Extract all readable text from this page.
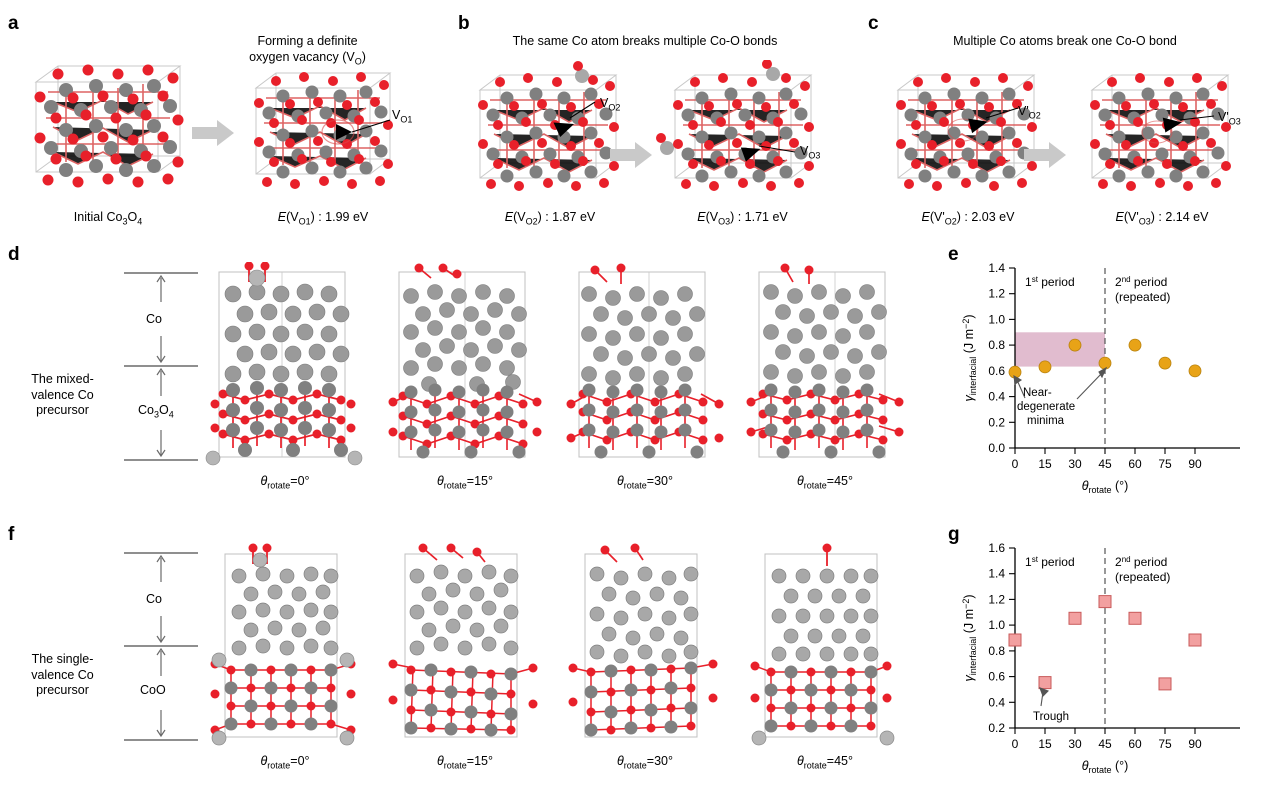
a	b	c
d	e
f	g
Forming a definite
oxygen vacancy $(V_O)$
$V_{O1}$
Initial $Co_3O_4$	$E(V_{O1})$ : 1.99 eV
The same Co atom breaks multiple Co-O bonds
$V_{O2}$
$V_{O3}$
$E(V_{O2})$ : 1.87 eV	$E(V_{O3})$ : 1.71 eV
Multiple Co atoms break one Co-O bond
$V'_{O2}$	$V'_{O3}$
$E(V'_{O2})$ : 2.03 eV	$E(V'_{O3})$ : 2.14 eV
The mixed-
valence Co
precursor
Co
$Co_3O_4$
$\theta_{rotate}=0^\circ$	$\theta_{rotate}=15^\circ$	$\theta_{rotate}=30^\circ$	$\theta_{rotate}=45^\circ$
0.0
0.2
0.4
0.6
0.8
1.0
1.2
1.4
0 15 30 45 60 75 90
1st period	2nd period
(repeated)
Near-
degenerate
minima
$\theta_{rotate}$ (°)
$\gamma_{interfacial}$ (J $m^{-2}$)
The single-
valence Co
precursor
Co
CoO
$\theta_{rotate}=0^\circ$	$\theta_{rotate}=15^\circ$	$\theta_{rotate}=30^\circ$	$\theta_{rotate}=45^\circ$
0.2
0.4
0.6
0.8
1.0
1.2
1.4
1.6
0 15 30 45 60 75 90
1st period	2nd period
(repeated)
Trough
$\theta_{rotate}$ (°)
$\gamma_{interfacial}$ (J $m^{-2}$)
